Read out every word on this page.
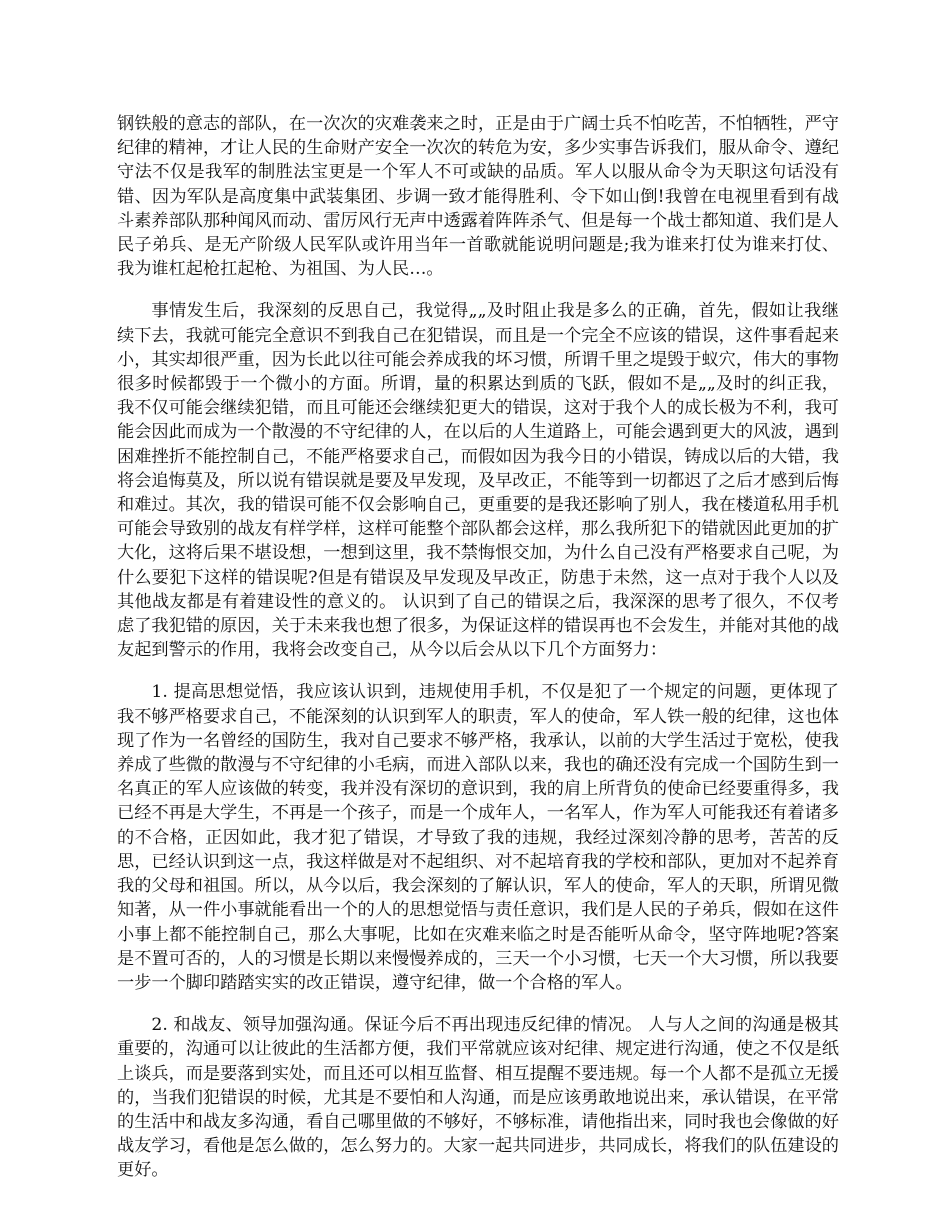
钢铁般的意志的部队，在一次次的灾难袭来之时，正是由于广阔士兵不怕吃苦，不怕牺牲，严守纪律的精神，才让人民的生命财产安全一次次的转危为安，多少实事告诉我们，服从命令、遵纪守法不仅是我军的制胜法宝更是一个军人不可或缺的品质。军人以服从命令为天职这句话没有错、因为军队是高度集中武装集团、步调一致才能得胜利、令下如山倒!我曾在电视里看到有战斗素养部队那种闻风而动、雷厉风行无声中透露着阵阵杀气、但是每一个战士都知道、我们是人民子弟兵、是无产阶级人民军队或许用当年一首歌就能说明问题是;我为谁来打仗为谁来打仗、我为谁杠起枪扛起枪、为祖国、为人民…。

事情发生后，我深刻的反思自己，我觉得„„及时阻止我是多么的正确，首先，假如让我继续下去，我就可能完全意识不到我自己在犯错误，而且是一个完全不应该的错误，这件事看起来小，其实却很严重，因为长此以往可能会养成我的坏习惯，所谓千里之堤毁于蚁穴，伟大的事物很多时候都毁于一个微小的方面。所谓，量的积累达到质的飞跃，假如不是„„及时的纠正我，我不仅可能会继续犯错，而且可能还会继续犯更大的错误，这对于我个人的成长极为不利，我可能会因此而成为一个散漫的不守纪律的人，在以后的人生道路上，可能会遇到更大的风波，遇到困难挫折不能控制自己，不能严格要求自己，而假如因为我今日的小错误，铸成以后的大错，我将会追悔莫及，所以说有错误就是要及早发现，及早改正，不能等到一切都迟了之后才感到后悔和难过。其次，我的错误可能不仅会影响自己，更重要的是我还影响了别人，我在楼道私用手机可能会导致别的战友有样学样，这样可能整个部队都会这样，那么我所犯下的错就因此更加的扩大化，这将后果不堪设想，一想到这里，我不禁悔恨交加，为什么自己没有严格要求自己呢，为什么要犯下这样的错误呢?但是有错误及早发现及早改正，防患于未然，这一点对于我个人以及其他战友都是有着建设性的意义的。 认识到了自己的错误之后，我深深的思考了很久，不仅考虑了我犯错的原因，关于未来我也想了很多，为保证这样的错误再也不会发生，并能对其他的战友起到警示的作用，我将会改变自己，从今以后会从以下几个方面努力：

1. 提高思想觉悟，我应该认识到，违规使用手机，不仅是犯了一个规定的问题，更体现了我不够严格要求自己，不能深刻的认识到军人的职责，军人的使命，军人铁一般的纪律，这也体现了作为一名曾经的国防生，我对自己要求不够严格，我承认，以前的大学生活过于宽松，使我养成了些微的散漫与不守纪律的小毛病，而进入部队以来，我也的确还没有完成一个国防生到一名真正的军人应该做的转变，我并没有深切的意识到，我的肩上所背负的使命已经要重得多，我已经不再是大学生，不再是一个孩子，而是一个成年人，一名军人，作为军人可能我还有着诸多的不合格，正因如此，我才犯了错误，才导致了我的违规，我经过深刻冷静的思考，苦苦的反思，已经认识到这一点，我这样做是对不起组织、对不起培育我的学校和部队，更加对不起养育我的父母和祖国。所以，从今以后，我会深刻的了解认识，军人的使命，军人的天职，所谓见微知著，从一件小事就能看出一个的人的思想觉悟与责任意识，我们是人民的子弟兵，假如在这件小事上都不能控制自己，那么大事呢，比如在灾难来临之时是否能听从命令，坚守阵地呢?答案是不置可否的，人的习惯是长期以来慢慢养成的，三天一个小习惯，七天一个大习惯，所以我要一步一个脚印踏踏实实的改正错误，遵守纪律，做一个合格的军人。

2. 和战友、领导加强沟通。保证今后不再出现违反纪律的情况。 人与人之间的沟通是极其重要的，沟通可以让彼此的生活都方便，我们平常就应该对纪律、规定进行沟通，使之不仅是纸上谈兵，而是要落到实处，而且还可以相互监督、相互提醒不要违规。每一个人都不是孤立无援的，当我们犯错误的时候，尤其是不要怕和人沟通，而是应该勇敢地说出来，承认错误，在平常的生活中和战友多沟通，看自己哪里做的不够好，不够标准，请他指出来，同时我也会像做的好战友学习，看他是怎么做的，怎么努力的。大家一起共同进步，共同成长，将我们的队伍建设的更好。
